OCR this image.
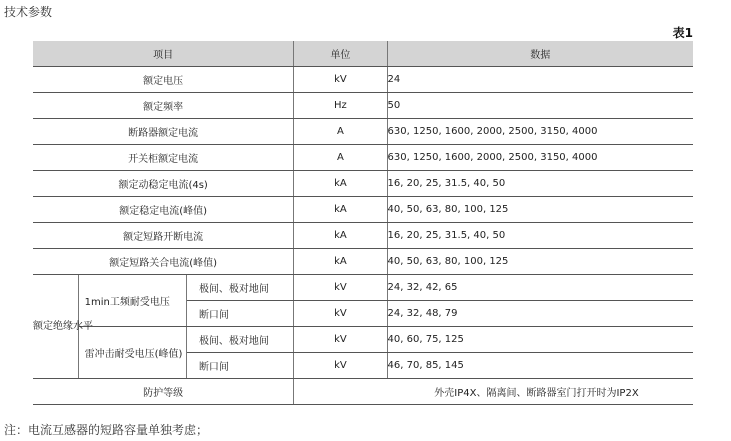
技术参数
表1
项目			单位	数据
额定电压			kV	24
额定频率			Hz	50
断路器额定电流			A	630, 1250, 1600, 2000, 2500, 3150, 4000
开关柜额定电流			A	630, 1250, 1600, 2000, 2500, 3150, 4000
额定动稳定电流(4s)			kA	16, 20, 25, 31.5, 40, 50
额定稳定电流(峰值)			kA	40, 50, 63, 80, 100, 125
额定短路开断电流			kA	16, 20, 25, 31.5, 40, 50
额定短路关合电流(峰值)			kA	40, 50, 63, 80, 100, 125
额定绝缘水平	1min工频耐受电压	极间、极对地间	kV	24, 32, 42, 65
		断口间	kV	24, 32, 48, 79
	雷冲击耐受电压(峰值)	极间、极对地间	kV	40, 60, 75, 125
		断口间	kV	46, 70, 85, 145
防护等级			外壳IP4X、隔离间、断路器室门打开时为IP2X	
注：电流互感器的短路容量单独考虑；
